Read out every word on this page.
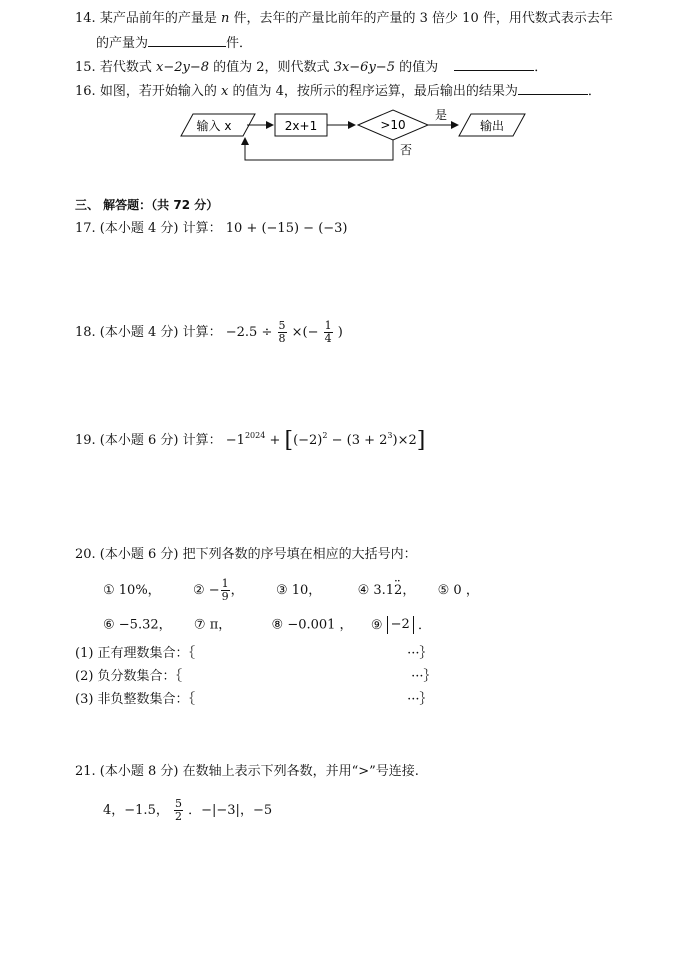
14. 某产品前年的产量是 n 件，去年的产量比前年的产量的 3 倍少 10 件，用代数式表示去年
的产量为	件．
15. 若代数式 x−2y−8 的值为 2，则代数式 3x−6y−5 的值为	．
16. 如图，若开始输入的 x 的值为 4，按所示的程序运算，最后输出的结果为	．
输入 x	2x+1	>10
是
输出
否
三、 解答题：（共 72 分）
17. (本小题 4 分) 计算： 10 + (−15) − (−3)
18. (本小题 4 分) 计算： $-2.5 \div \frac{5}{8}$ ×(− $\frac{1}{4}$ )
19. (本小题 6 分) 计算： $-1^{2024} + [(-2)^2 - (3 + 2^3)\times 2]$
20. (本小题 6 分) 把下列各数的序号填在相应的大括号内：
① 10%， ② − $\frac{1}{9}$ ， ③ 10，	④ 3.1·· 2， ⑤ 0 ，
⑥ −5.32， ⑦ π，	⑧ −0.001 ， ⑨ −2 ．
(1) 正有理数集合：｛	···｝
(2) 负分数集合：｛	···｝
(3) 非负整数集合：｛	···｝
21. (本小题 8 分) 在数轴上表示下列各数，并用“>”号连接.
4，−1.5， $\frac{5}{2}$ ．−|−3|，−5
